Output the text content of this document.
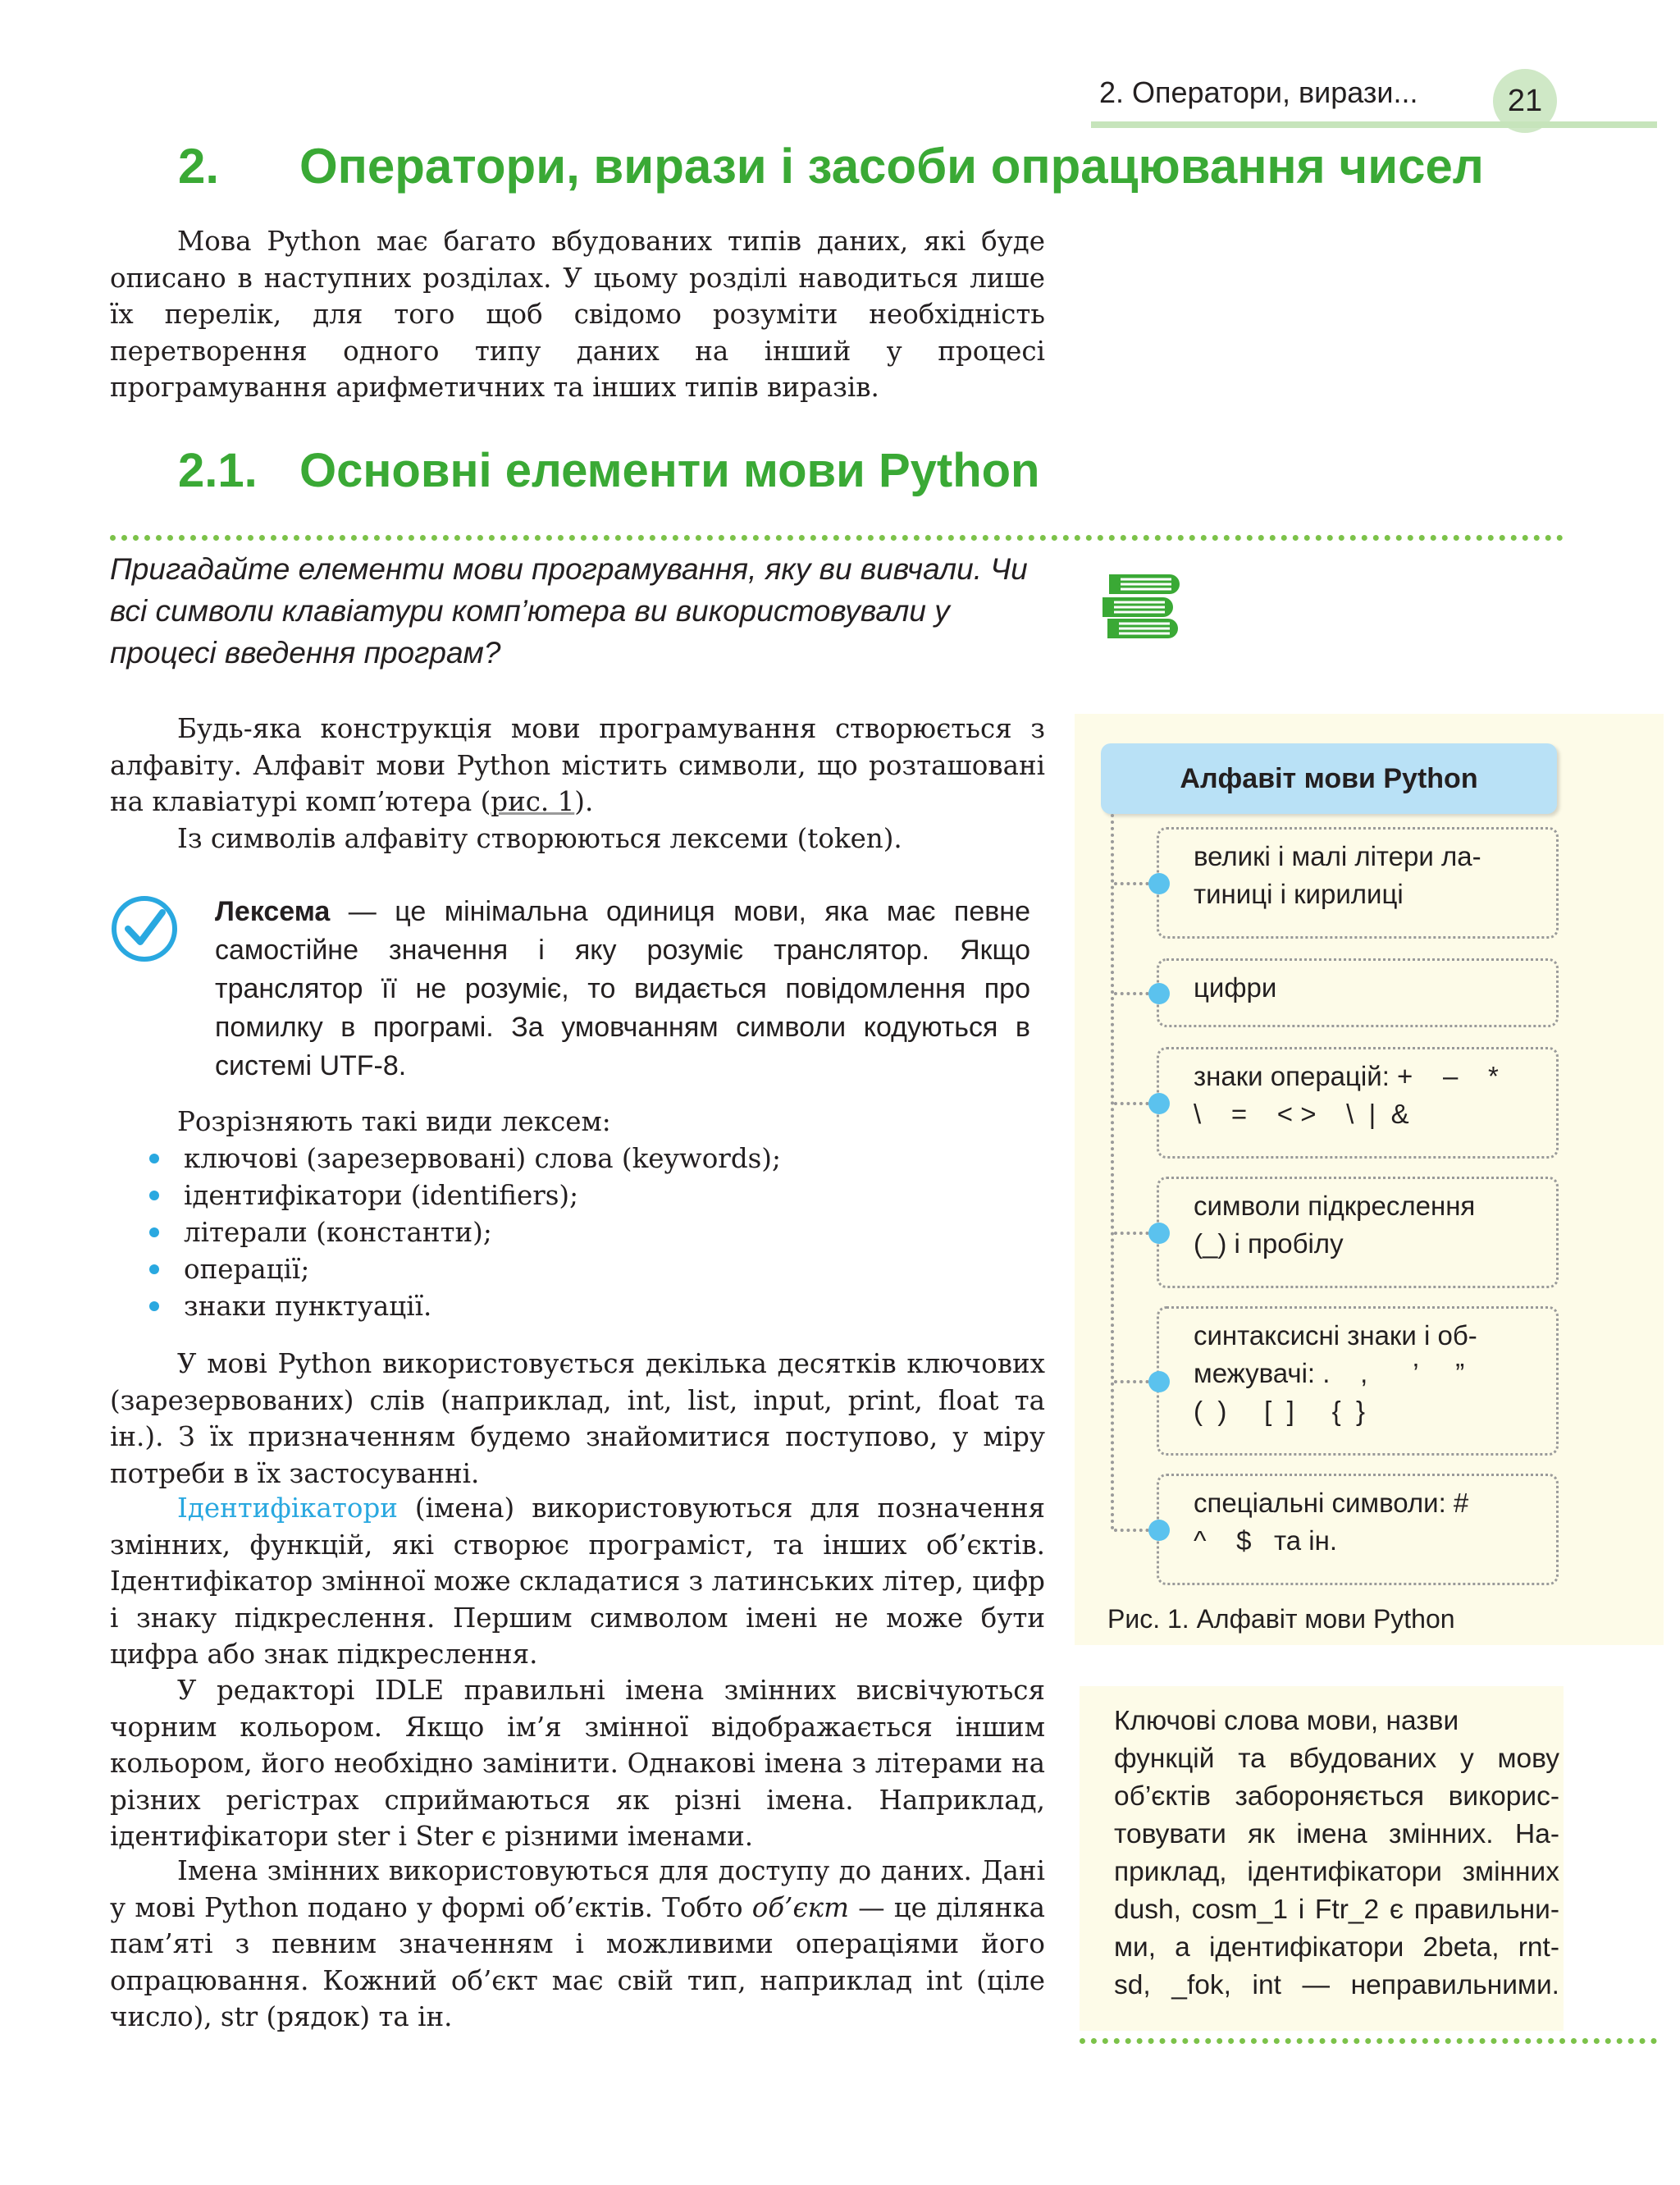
2. Оператори, вирази...	21
2. Оператори, вирази і засоби опрацювання чисел

Мова Python має багато вбудованих типів даних, які буде описано в наступних розділах. У цьому розділі наводиться лише їх перелік, для того щоб свідомо розуміти необхідність перетворення одного типу даних на інший у процесі програмування арифметичних та інших типів виразів.

2.1. Основні елементи мови Python
Пригадайте елементи мови програмування, яку ви вивчали. Чи всі символи клавіатури комп’ютера ви використовували у процесі введення програм?

Будь-яка конструкція мови програмування створюється з алфавіту. Алфавіт мови Python містить символи, що розташовані на клавіатурі комп’ютера (рис. 1).

Із символів алфавіту створюються лексеми (token).

Лексема — це мінімальна одиниця мови, яка має певне самостійне значення і яку розуміє транслятор. Якщо транслятор її не розуміє, то видається повідомлення про помилку в програмі. За умовчанням символи кодуються в системі UTF-8.

Розрізняють такі види лексем:

ключові (зарезервовані) слова (keywords);
ідентифікатори (identifiers);
літерали (константи);
операції;
знаки пунктуації.

У мові Python використовується декілька десятків ключових (зарезервованих) слів (наприклад, int, list, input, print, float та ін.). З їх призначенням будемо знайомитися поступово, у міру потреби в їх застосуванні.

Ідентифікатори (імена) використовуються для позначення змінних, функцій, які створює програміст, та інших об’єктів. Ідентифікатор змінної може складатися з латинських літер, цифр і знаку підкреслення. Першим символом імені не може бути цифра або знак підкреслення.

У редакторі IDLE правильні імена змінних висвічуються чорним кольором. Якщо ім’я змінної відображається іншим кольором, його необхідно замінити. Однакові імена з літерами на різних регістрах сприймаються як різні імена. Наприклад, ідентифікатори ster і Ster є різними іменами.

Імена змінних використовуються для доступу до даних. Дані у мові Python подано у формі об’єктів. Тобто об’єкт — це ділянка пам’яті з певним значенням і можливими операціями його опрацювання. Кожний об’єкт має свій тип, наприклад int (ціле число), str (рядок) та ін.

Алфавіт мови Python
великі і малі літери ла-
тиниці і кирилиці
цифри
знаки операцій: +    –    *
\    =    < >    \  |  &
символи підкреслення
(_) і пробілу
синтаксисні знаки і об-
межувачі: .    ,      ’     ”
(  )     [  ]     {  }
спеціальні символи: #
^    $   та ін.
Рис. 1. Алфавіт мови Python
Ключові слова мови, назви
функцій та вбудованих у мову
об’єктів забороняється викорис-
товувати як імена змінних. На-
приклад, ідентифікатори змінних
dush, cosm_1 і Ftr_2 є правильни-
ми, а ідентифікатори 2beta, rnt-
sd, _fok, int — неправильними.
